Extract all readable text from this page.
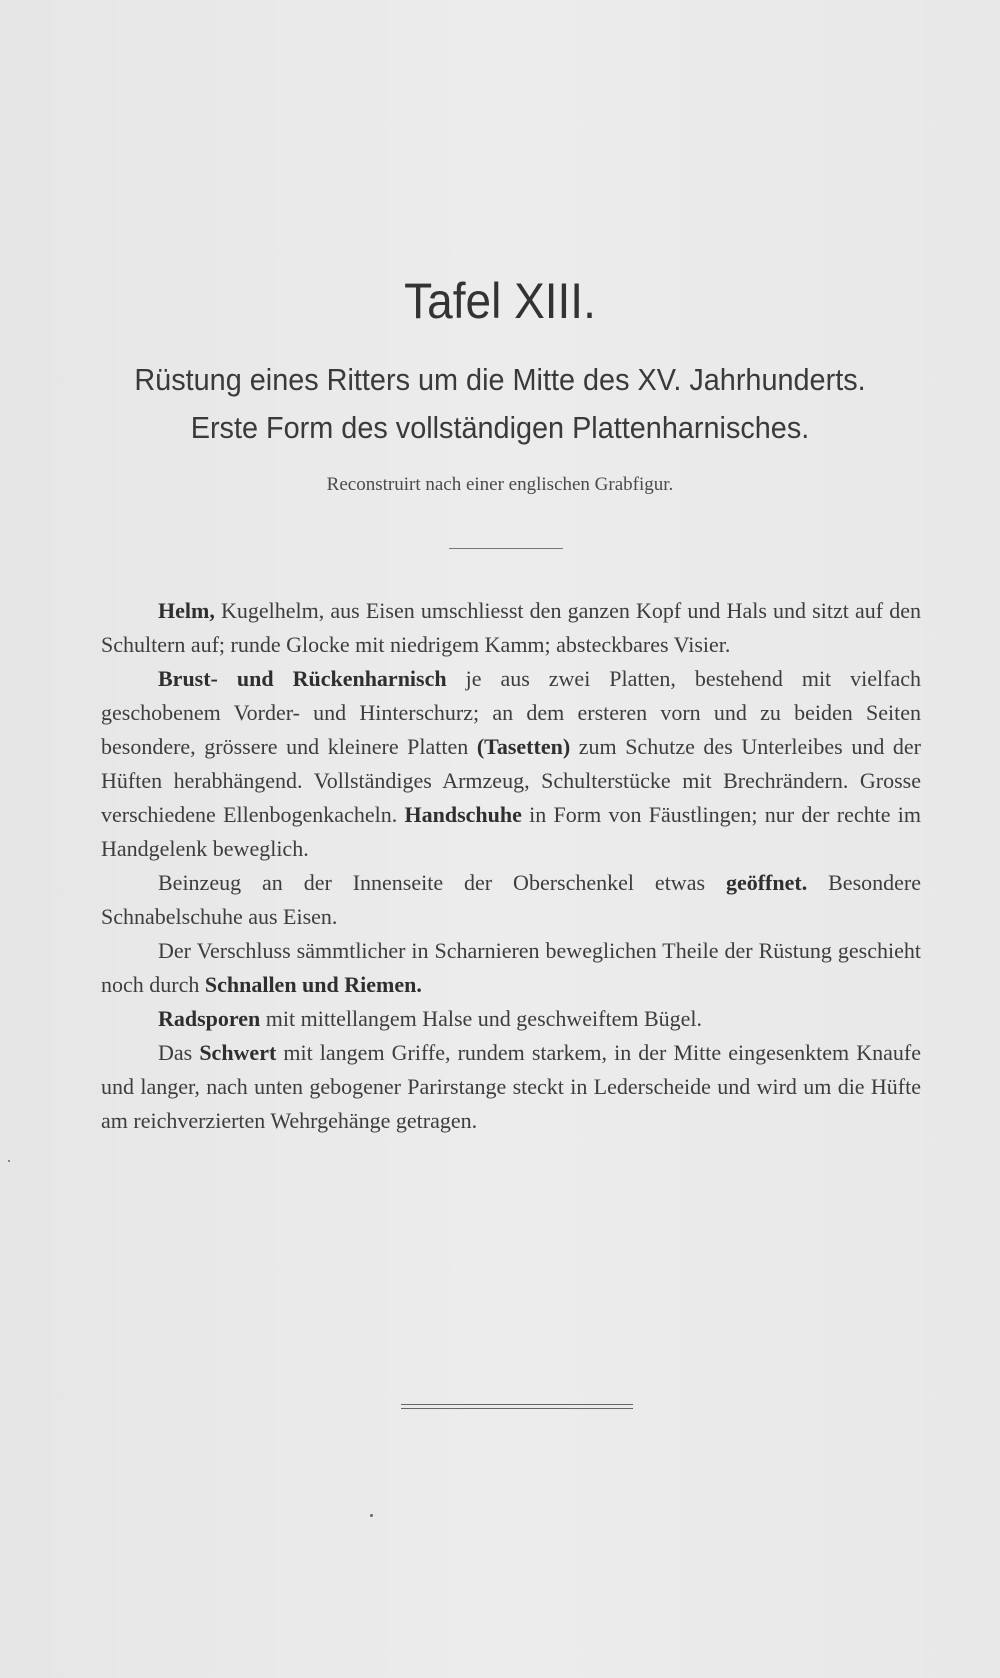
Tafel XIII.
Rüstung eines Ritters um die Mitte des XV. Jahrhunderts.
Erste Form des vollständigen Plattenharnisches.
Reconstruirt nach einer englischen Grabfigur.

Helm, Kugelhelm, aus Eisen umschliesst den ganzen Kopf und Hals und sitzt auf den Schultern auf; runde Glocke mit niedrigem Kamm; absteckbares Visier.

Brust- und Rückenharnisch je aus zwei Platten, bestehend mit vielfach geschobenem Vorder- und Hinterschurz; an dem ersteren vorn und zu beiden Seiten besondere, grössere und kleinere Platten (Tasetten) zum Schutze des Unterleibes und der Hüften herabhängend. Vollständiges Armzeug, Schulterstücke mit Brechrändern. Grosse verschiedene Ellenbogenkacheln. Handschuhe in Form von Fäustlingen; nur der rechte im Handgelenk beweglich.

Beinzeug an der Innenseite der Oberschenkel etwas geöffnet. Besondere Schnabelschuhe aus Eisen.

Der Verschluss sämmtlicher in Scharnieren beweglichen Theile der Rüstung geschieht noch durch Schnallen und Riemen.

Radsporen mit mittellangem Halse und geschweiftem Bügel.

Das Schwert mit langem Griffe, rundem starkem, in der Mitte eingesenktem Knaufe und langer, nach unten gebogener Parirstange steckt in Lederscheide und wird um die Hüfte am reichverzierten Wehrgehänge getragen.
